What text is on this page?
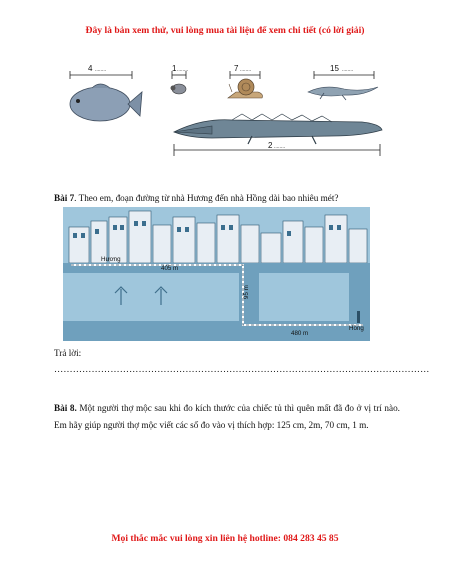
Đây là bản xem thử, vui lòng mua tài liệu để xem chi tiết (có lời giải)
4 ........	1 ........	7 ........	15 ........
2 ........
Bài 7. Theo em, đoạn đường từ nhà Hương đến nhà Hồng dài bao nhiêu mét?
Hương
405 m
95 m
480 m
Hồng
Trả lời:
…………………………………………………………………………………………………………
Bài 8. Một người thợ mộc sau khi đo kích thước của chiếc tủ thì quên mất đã đo ở vị trí nào. Em hãy giúp người thợ mộc viết các số đo vào vị thích hợp: 125 cm, 2m, 70 cm, 1 m.
Mọi thắc mắc vui lòng xin liên hệ hotline: 084 283 45 85
